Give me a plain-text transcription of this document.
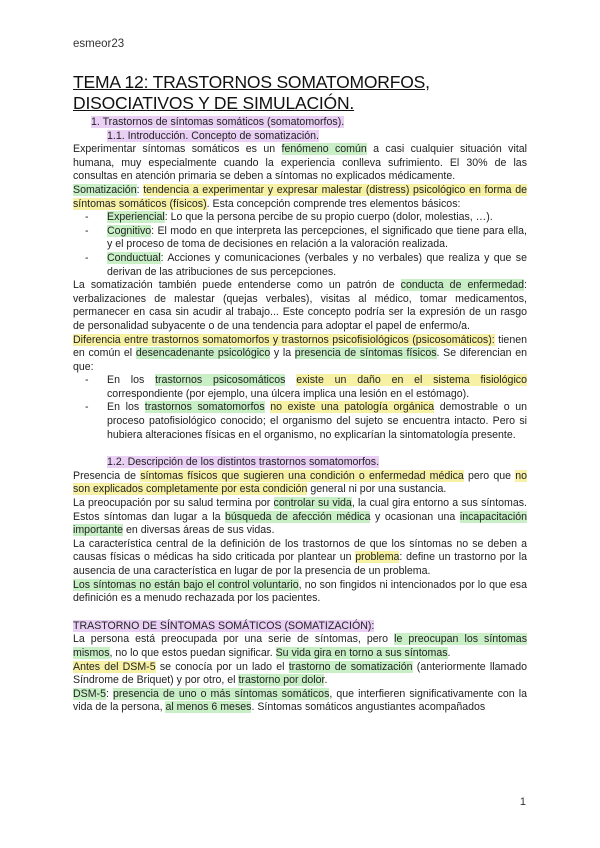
esmeor23
TEMA 12: TRASTORNOS SOMATOMORFOS, DISOCIATIVOS Y DE SIMULACIÓN.

1. Trastornos de síntomas somáticos (somatomorfos).

1.1. Introducción. Concepto de somatización.

Experimentar síntomas somáticos es un fenómeno común a casi cualquier situación vital humana, muy especialmente cuando la experiencia conlleva sufrimiento. El 30% de las consultas en atención primaria se deben a síntomas no explicados médicamente.

Somatización: tendencia a experimentar y expresar malestar (distress) psicológico en forma de síntomas somáticos (físicos). Esta concepción comprende tres elementos básicos:

- Experiencial: Lo que la persona percibe de su propio cuerpo (dolor, molestias, …).
- Cognitivo: El modo en que interpreta las percepciones, el significado que tiene para ella, y el proceso de toma de decisiones en relación a la valoración realizada.
- Conductual: Acciones y comunicaciones (verbales y no verbales) que realiza y que se derivan de las atribuciones de sus percepciones.

La somatización también puede entenderse como un patrón de conducta de enfermedad: verbalizaciones de malestar (quejas verbales), visitas al médico, tomar medicamentos, permanecer en casa sin acudir al trabajo... Este concepto podría ser la expresión de un rasgo de personalidad subyacente o de una tendencia para adoptar el papel de enfermo/a.

Diferencia entre trastornos somatomorfos y trastornos psicofisiológicos (psicosomáticos): tienen en común el desencadenante psicológico y la presencia de síntomas físicos. Se diferencian en que:

- En los trastornos psicosomáticos existe un daño en el sistema fisiológico correspondiente (por ejemplo, una úlcera implica una lesión en el estómago).
- En los trastornos somatomorfos no existe una patología orgánica demostrable o un proceso patofisiológico conocido; el organismo del sujeto se encuentra intacto. Pero si hubiera alteraciones físicas en el organismo, no explicarían la sintomatología presente.

1.2. Descripción de los distintos trastornos somatomorfos.

Presencia de síntomas físicos que sugieren una condición o enfermedad médica pero que no son explicados completamente por esta condición general ni por una sustancia.

La preocupación por su salud termina por controlar su vida, la cual gira entorno a sus síntomas. Estos síntomas dan lugar a la búsqueda de afección médica y ocasionan una incapacitación importante en diversas áreas de sus vidas.

La característica central de la definición de los trastornos de que los síntomas no se deben a causas físicas o médicas ha sido criticada por plantear un problema: define un trastorno por la ausencia de una característica en lugar de por la presencia de un problema.

Los síntomas no están bajo el control voluntario, no son fingidos ni intencionados por lo que esa definición es a menudo rechazada por los pacientes.

TRASTORNO DE SÍNTOMAS SOMÁTICOS (SOMATIZACIÓN):

La persona está preocupada por una serie de síntomas, pero le preocupan los síntomas mismos, no lo que estos puedan significar. Su vida gira en torno a sus síntomas.

Antes del DSM-5 se conocía por un lado el trastorno de somatización (anteriormente llamado Síndrome de Briquet) y por otro, el trastorno por dolor.

DSM-5: presencia de uno o más síntomas somáticos, que interfieren significativamente con la vida de la persona, al menos 6 meses. Síntomas somáticos angustiantes acompañados

1
